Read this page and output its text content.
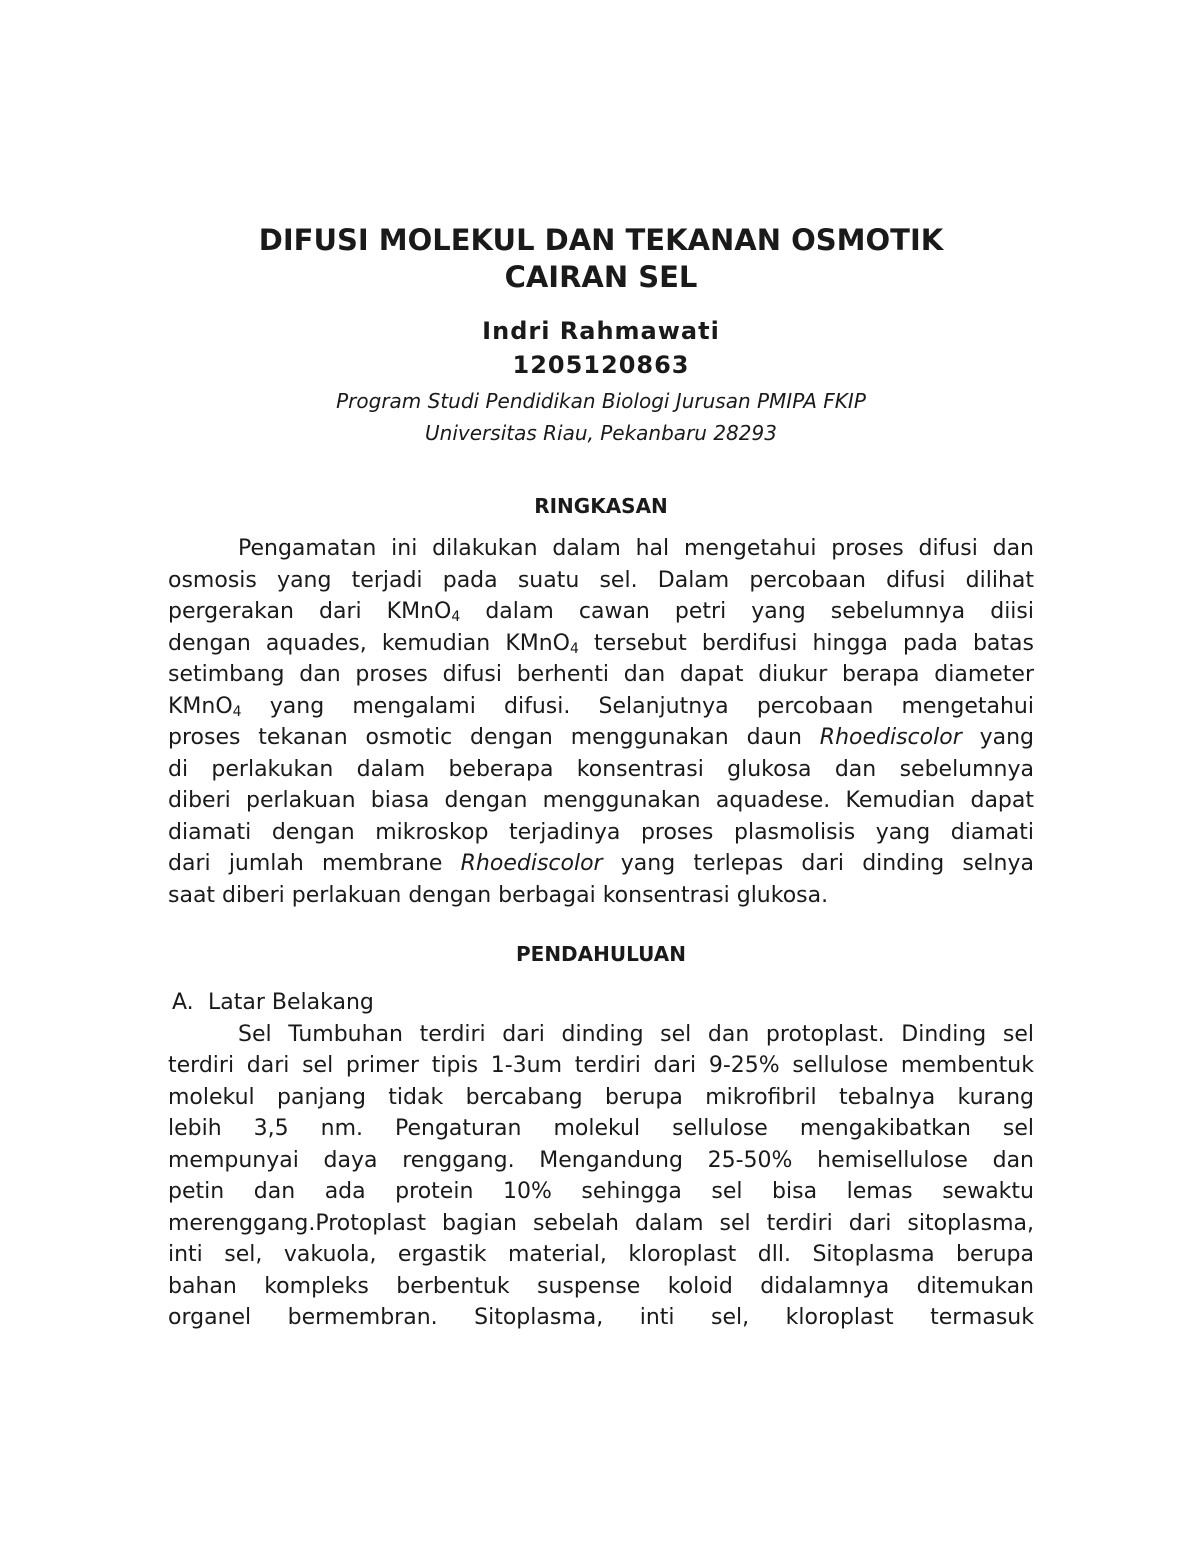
DIFUSI MOLEKUL DAN TEKANAN OSMOTIK
CAIRAN SEL

Indri Rahmawati

1205120863

Program Studi Pendidikan Biologi Jurusan PMIPA FKIP

Universitas Riau, Pekanbaru 28293

RINGKASAN
Pengamatan ini dilakukan dalam hal mengetahui proses difusi dan
osmosis yang terjadi pada suatu sel. Dalam percobaan difusi dilihat
pergerakan dari KMnO$_4$ dalam cawan petri yang sebelumnya diisi
dengan aquades, kemudian KMnO$_4$ tersebut berdifusi hingga pada batas
setimbang dan proses difusi berhenti dan dapat diukur berapa diameter
KMnO$_4$ yang mengalami difusi. Selanjutnya percobaan mengetahui
proses tekanan osmotic dengan menggunakan daun Rhoediscolor yang
di perlakukan dalam beberapa konsentrasi glukosa dan sebelumnya
diberi perlakuan biasa dengan menggunakan aquadese. Kemudian dapat
diamati dengan mikroskop terjadinya proses plasmolisis yang diamati
dari jumlah membrane Rhoediscolor yang terlepas dari dinding selnya
saat diberi perlakuan dengan berbagai konsentrasi glukosa.
PENDAHULUAN
A. Latar Belakang
Sel Tumbuhan terdiri dari dinding sel dan protoplast. Dinding sel
terdiri dari sel primer tipis 1-3um terdiri dari 9-25% sellulose membentuk
molekul panjang tidak bercabang berupa mikrofibril tebalnya kurang
lebih 3,5 nm. Pengaturan molekul sellulose mengakibatkan sel
mempunyai daya renggang. Mengandung 25-50% hemisellulose dan
petin dan ada protein 10% sehingga sel bisa lemas sewaktu
merenggang.Protoplast bagian sebelah dalam sel terdiri dari sitoplasma,
inti sel, vakuola, ergastik material, kloroplast dll. Sitoplasma berupa
bahan kompleks berbentuk suspense koloid didalamnya ditemukan
organel bermembran. Sitoplasma, inti sel, kloroplast termasuk
